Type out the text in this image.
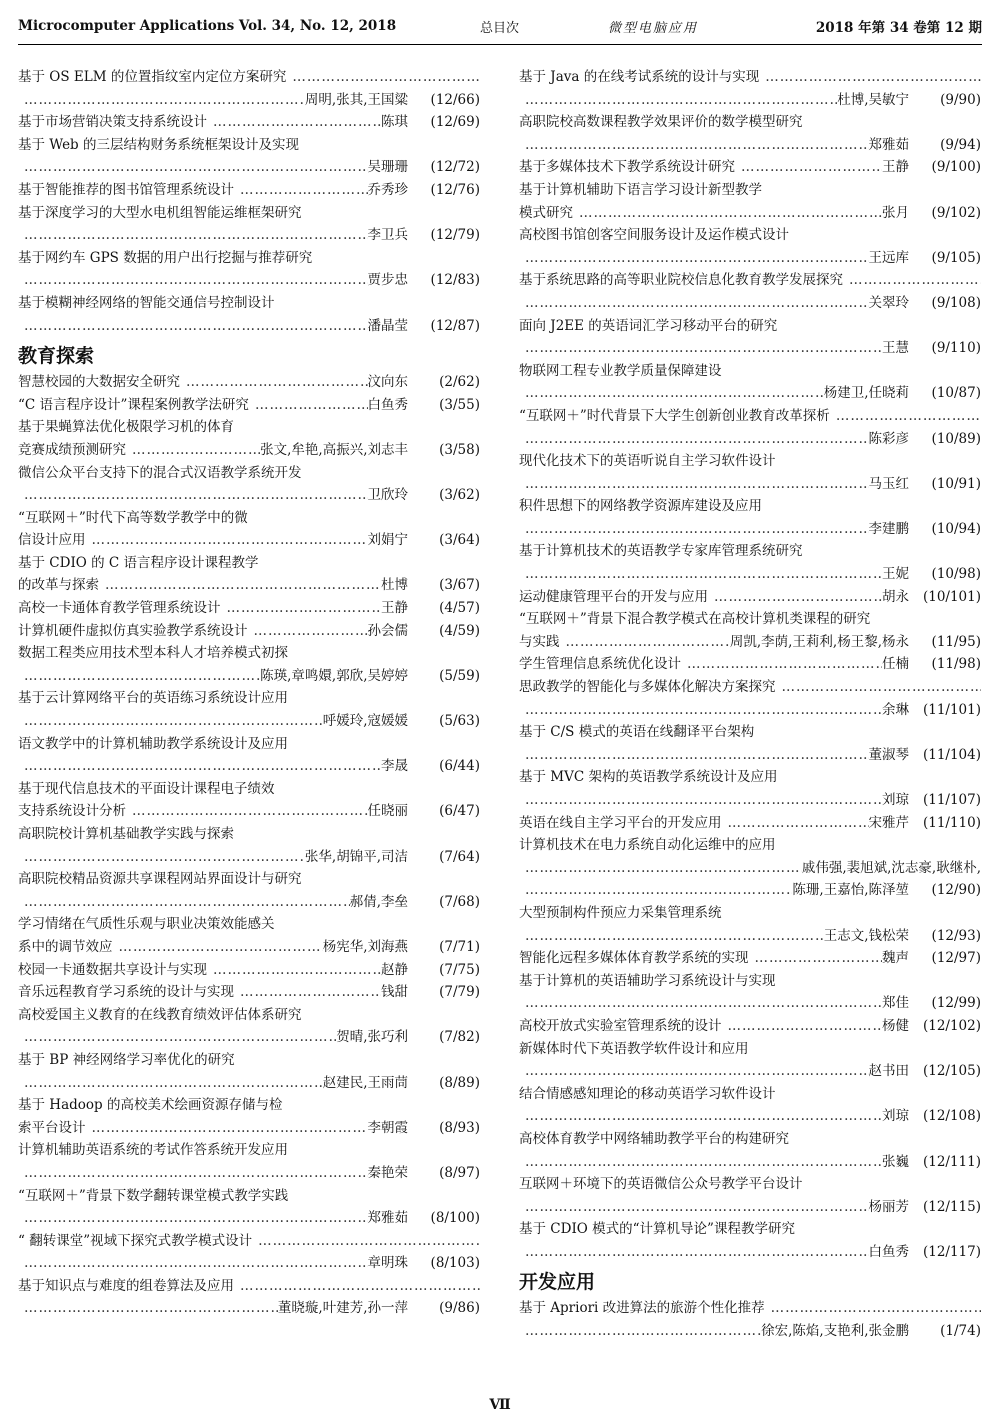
Microcomputer Applications Vol. 34, No. 12, 2018	总目次	微型电脑应用	2018 年第 34 卷第 12 期
基于 OS ELM 的位置指纹室内定位方案研究
…………………………………………………………………………………………………………………………
…………………………………………………………………………………………………………………………
周明,张其,王国粱	(12/66)
基于市场营销决策支持系统设计 …………………………………………………………………………………………………………………………	陈琪	(12/69)
基于 Web 的三层结构财务系统框架设计及实现
…………………………………………………………………………………………………………………………
吴珊珊	(12/72)
基于智能推荐的图书馆管理系统设计 …………………………………………………………………………………………………………………………	乔秀珍	(12/76)
基于深度学习的大型水电机组智能运维框架研究
…………………………………………………………………………………………………………………………
李卫兵	(12/79)
基于网约车 GPS 数据的用户出行挖掘与推荐研究
…………………………………………………………………………………………………………………………
贾步忠	(12/83)
基于模糊神经网络的智能交通信号控制设计
…………………………………………………………………………………………………………………………
潘晶莹	(12/87)
教育探索
智慧校园的大数据安全研究 …………………………………………………………………………………………………………………………	汶向东	(2/62)
“C 语言程序设计”课程案例教学法研究 …………………………………………………………………………………………………………………………	白鱼秀	(3/55)
基于果蝇算法优化极限学习机的体育
竞赛成绩预测研究 …………………………………………………………………………………………………………………………	张文,牟艳,高振兴,刘志丰	(3/58)
微信公众平台支持下的混合式汉语教学系统开发
…………………………………………………………………………………………………………………………
卫欣玲	(3/62)
“互联网＋”时代下高等数学教学中的微
信设计应用 …………………………………………………………………………………………………………………………	刘娟宁	(3/64)
基于 CDIO 的 C 语言程序设计课程教学
的改革与探索 …………………………………………………………………………………………………………………………	杜博	(3/67)
高校一卡通体育教学管理系统设计 …………………………………………………………………………………………………………………………	王静	(4/57)
计算机硬件虚拟仿真实验教学系统设计 …………………………………………………………………………………………………………………………	孙会儒	(4/59)
数据工程类应用技术型本科人才培养模式初探
…………………………………………………………………………………………………………………………
陈瑛,章鸣嬛,郭欣,吴婷婷	(5/59)
基于云计算网络平台的英语练习系统设计应用
…………………………………………………………………………………………………………………………
呼媛玲,寇媛媛	(5/63)
语文教学中的计算机辅助教学系统设计及应用
…………………………………………………………………………………………………………………………
李晟	(6/44)
基于现代信息技术的平面设计课程电子绩效
支持系统设计分析 …………………………………………………………………………………………………………………………	任晓丽	(6/47)
高职院校计算机基础教学实践与探索
…………………………………………………………………………………………………………………………
张华,胡锦平,司洁	(7/64)
高职院校精品资源共享课程网站界面设计与研究
…………………………………………………………………………………………………………………………
郝倩,李垒	(7/68)
学习情绪在气质性乐观与职业决策效能感关
系中的调节效应 …………………………………………………………………………………………………………………………	杨宪华,刘海燕	(7/71)
校园一卡通数据共享设计与实现 …………………………………………………………………………………………………………………………	赵静	(7/75)
音乐远程教育学习系统的设计与实现 …………………………………………………………………………………………………………………………	钱甜	(7/79)
高校爱国主义教育的在线教育绩效评估体系研究
…………………………………………………………………………………………………………………………
贺晴,张巧利	(7/82)
基于 BP 神经网络学习率优化的研究
…………………………………………………………………………………………………………………………
赵建民,王雨茼	(8/89)
基于 Hadoop 的高校美术绘画资源存储与检
索平台设计 …………………………………………………………………………………………………………………………	李朝霞	(8/93)
计算机辅助英语系统的考试作答系统开发应用
…………………………………………………………………………………………………………………………
秦艳荣	(8/97)
“互联网＋”背景下数学翻转课堂模式教学实践
…………………………………………………………………………………………………………………………
郑雅茹	(8/100)
“ 翻转课堂”视域下探究式教学模式设计
…………………………………………………………………………………………………………………………
…………………………………………………………………………………………………………………………
章明珠	(8/103)
基于知识点与难度的组卷算法及应用
…………………………………………………………………………………………………………………………
…………………………………………………………………………………………………………………………
董晓璇,叶建芳,孙一萍	(9/86)
基于 Java 的在线考试系统的设计与实现
…………………………………………………………………………………………………………………………
…………………………………………………………………………………………………………………………
杜博,吴敏宁	(9/90)
高职院校高数课程教学效果评价的数学模型研究
…………………………………………………………………………………………………………………………
郑雅茹	(9/94)
基于多媒体技术下教学系统设计研究 …………………………………………………………………………………………………………………………	王静	(9/100)
基于计算机辅助下语言学习设计新型教学
模式研究 …………………………………………………………………………………………………………………………	张月	(9/102)
高校图书馆创客空间服务设计及运作模式设计
…………………………………………………………………………………………………………………………
王远库	(9/105)
基于系统思路的高等职业院校信息化教育教学发展探究
…………………………………………………………………………………………………………………………
…………………………………………………………………………………………………………………………
关翠玲	(9/108)
面向 J2EE 的英语词汇学习移动平台的研究
…………………………………………………………………………………………………………………………
王慧	(9/110)
物联网工程专业教学质量保障建设
…………………………………………………………………………………………………………………………
杨建卫,任晓莉	(10/87)
“互联网＋”时代背景下大学生创新创业教育改革探析
…………………………………………………………………………………………………………………………
…………………………………………………………………………………………………………………………
陈彩彦	(10/89)
现代化技术下的英语听说自主学习软件设计
…………………………………………………………………………………………………………………………
马玉红	(10/91)
积件思想下的网络教学资源库建设及应用
…………………………………………………………………………………………………………………………
李建鹏	(10/94)
基于计算机技术的英语教学专家库管理系统研究
…………………………………………………………………………………………………………………………
王妮	(10/98)
运动健康管理平台的开发与应用 …………………………………………………………………………………………………………………………	胡永	(10/101)
“互联网＋”背景下混合教学模式在高校计算机类课程的研究
与实践 …………………………………………………………………………………………………………………………	周凯,李荫,王莉利,杨王黎,杨永	(11/95)
学生管理信息系统优化设计 …………………………………………………………………………………………………………………………	任楠	(11/98)
思政教学的智能化与多媒体化解决方案探究
…………………………………………………………………………………………………………………………
…………………………………………………………………………………………………………………………
余琳	(11/101)
基于 C/S 模式的英语在线翻译平台架构
…………………………………………………………………………………………………………………………
董淑琴	(11/104)
基于 MVC 架构的英语教学系统设计及应用
…………………………………………………………………………………………………………………………
刘琼	(11/107)
英语在线自主学习平台的开发应用 …………………………………………………………………………………………………………………………	宋雅芹	(11/110)
计算机技术在电力系统自动化运维中的应用
…………………………………………………………………………………………………………………………
戚伟强,裴旭斌,沈志豪,耿继朴,
…………………………………………………………………………………………………………………………
陈珊,王嘉怡,陈泽堃	(12/90)
大型预制构件预应力采集管理系统
…………………………………………………………………………………………………………………………
王志文,钱松荣	(12/93)
智能化远程多媒体体育教学系统的实现 …………………………………………………………………………………………………………………………	魏声	(12/97)
基于计算机的英语辅助学习系统设计与实现
…………………………………………………………………………………………………………………………
郑佳	(12/99)
高校开放式实验室管理系统的设计 …………………………………………………………………………………………………………………………	杨健	(12/102)
新媒体时代下英语教学软件设计和应用
…………………………………………………………………………………………………………………………
赵书田	(12/105)
结合情感感知理论的移动英语学习软件设计
…………………………………………………………………………………………………………………………
刘琼	(12/108)
高校体育教学中网络辅助教学平台的构建研究
…………………………………………………………………………………………………………………………
张巍	(12/111)
互联网＋环境下的英语微信公众号教学平台设计
…………………………………………………………………………………………………………………………
杨丽芳	(12/115)
基于 CDIO 模式的“计算机导论”课程教学研究
…………………………………………………………………………………………………………………………
白鱼秀	(12/117)
开发应用
基于 Apriori 改进算法的旅游个性化推荐
…………………………………………………………………………………………………………………………
…………………………………………………………………………………………………………………………
徐宏,陈焰,支艳利,张金鹏	(1/74)
Ⅶ
